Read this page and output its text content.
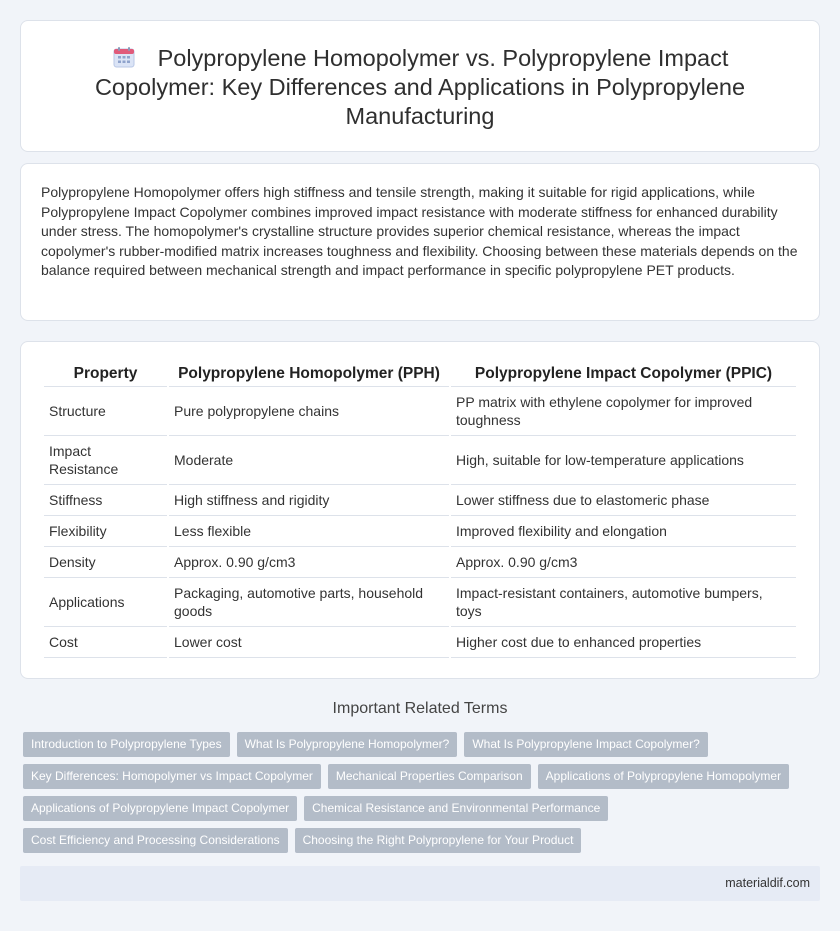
Polypropylene Homopolymer vs. Polypropylene Impact Copolymer: Key Differences and Applications in Polypropylene Manufacturing

Polypropylene Homopolymer offers high stiffness and tensile strength, making it suitable for rigid applications, while Polypropylene Impact Copolymer combines improved impact resistance with moderate stiffness for enhanced durability under stress. The homopolymer's crystalline structure provides superior chemical resistance, whereas the impact copolymer's rubber-modified matrix increases toughness and flexibility. Choosing between these materials depends on the balance required between mechanical strength and impact performance in specific polypropylene PET products.

Property	Polypropylene Homopolymer (PPH)	Polypropylene Impact Copolymer (PPIC)
Structure	Pure polypropylene chains	PP matrix with ethylene copolymer for improved toughness
Impact Resistance	Moderate	High, suitable for low-temperature applications
Stiffness	High stiffness and rigidity	Lower stiffness due to elastomeric phase
Flexibility	Less flexible	Improved flexibility and elongation
Density	Approx. 0.90 g/cm3	Approx. 0.90 g/cm3
Applications	Packaging, automotive parts, household goods	Impact-resistant containers, automotive bumpers, toys
Cost	Lower cost	Higher cost due to enhanced properties
Important Related Terms
Introduction to Polypropylene Types What Is Polypropylene Homopolymer? What Is Polypropylene Impact Copolymer?
Key Differences: Homopolymer vs Impact Copolymer Mechanical Properties Comparison Applications of Polypropylene Homopolymer
Applications of Polypropylene Impact Copolymer Chemical Resistance and Environmental Performance
Cost Efficiency and Processing Considerations Choosing the Right Polypropylene for Your Product
materialdif.com
